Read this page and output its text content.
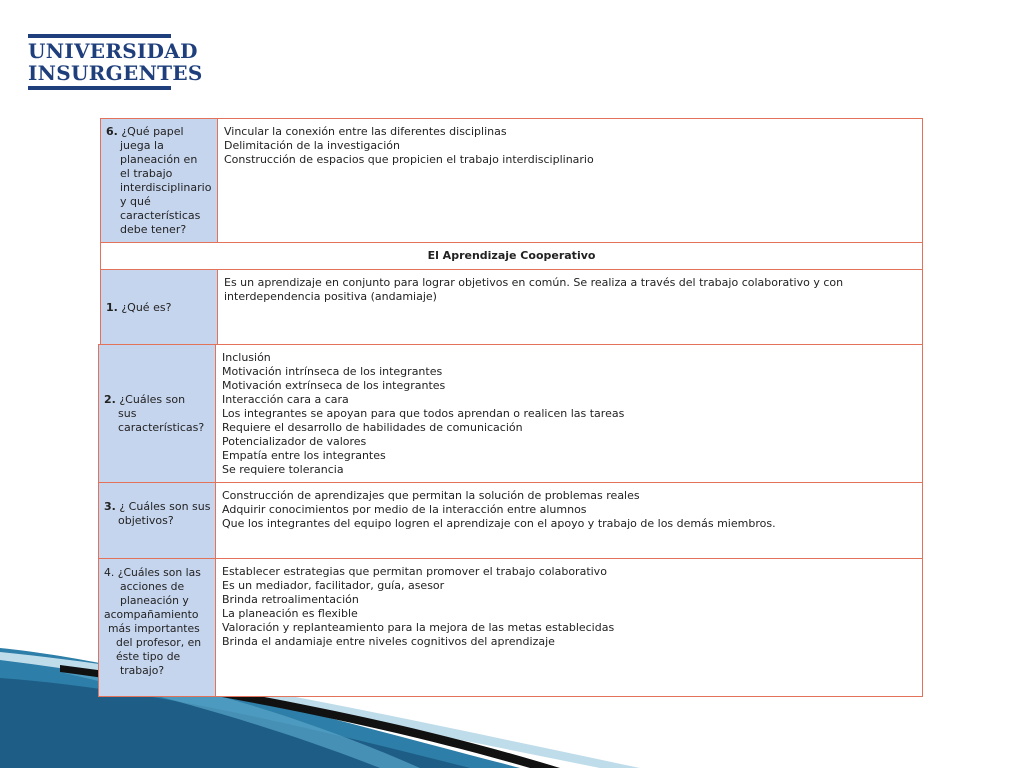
UNIVERSIDAD
INSURGENTES
6. ¿Qué papel
juega la
planeación en
el trabajo
interdisciplinario
y qué
características
debe tener?
Vincular la conexión entre las diferentes disciplinas
Delimitación de la investigación
Construcción de espacios que propicien el trabajo interdisciplinario
El Aprendizaje Cooperativo
1. ¿Qué es?
Es un aprendizaje en conjunto para lograr objetivos en común. Se realiza a través del trabajo colaborativo y con
interdependencia positiva (andamiaje)
2. ¿Cuáles son
sus
características?
Inclusión
Motivación intrínseca de los integrantes
Motivación extrínseca de los integrantes
Interacción cara a cara
Los integrantes se apoyan para que todos aprendan o realicen las tareas
Requiere el desarrollo de habilidades de comunicación
Potencializador de valores
Empatía entre los integrantes
Se requiere tolerancia
3. ¿ Cuáles son sus
objetivos?
Construcción de aprendizajes que permitan la solución de problemas reales
Adquirir conocimientos por medio de la interacción entre alumnos
Que los integrantes del equipo logren el aprendizaje con el apoyo y trabajo de los demás miembros.
4. ¿Cuáles son las
acciones de
planeación y
acompañamiento
más importantes
del profesor, en
éste tipo de
trabajo?
Establecer estrategias que permitan promover el trabajo colaborativo
Es un mediador, facilitador, guía, asesor
Brinda retroalimentación
La planeación es flexible
Valoración y replanteamiento para la mejora de las metas establecidas
Brinda el andamiaje entre niveles cognitivos del aprendizaje
